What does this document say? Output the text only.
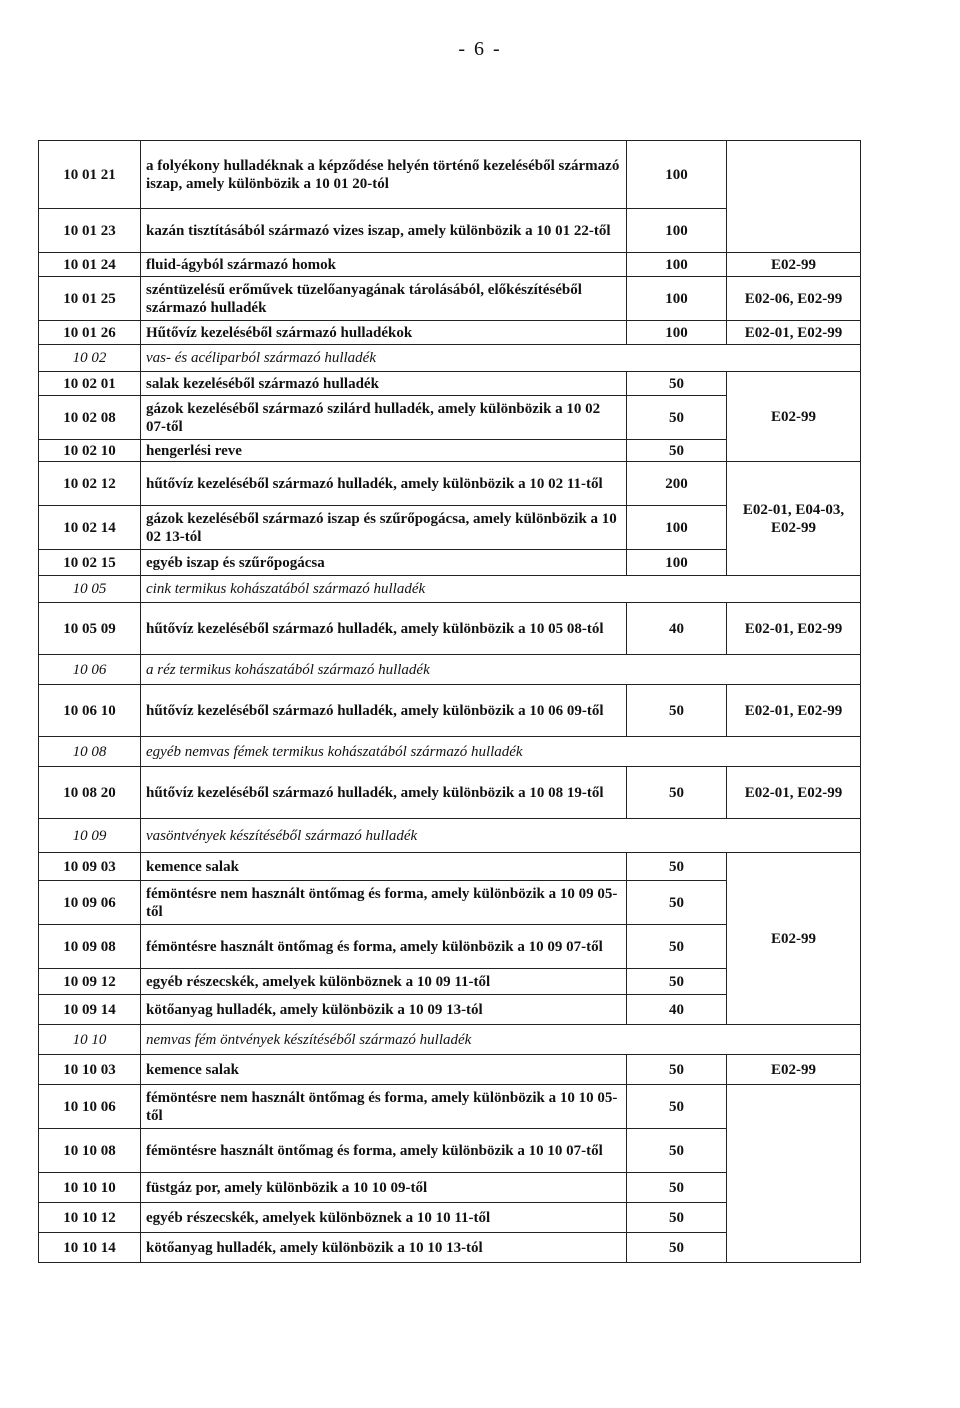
- 6 -
10 01 21	a folyékony hulladéknak a képződése helyén történő kezeléséből származó iszap, amely különbözik a 10 01 20-tól	100	
10 01 23	kazán tisztításából származó vizes iszap, amely különbözik a 10 01 22-től	100	
10 01 24	fluid-ágyból származó homok	100	E02-99
10 01 25	széntüzelésű erőművek tüzelőanyagának tárolásából, előkészítéséből származó hulladék	100	E02-06, E02-99
10 01 26	Hűtővíz kezeléséből származó hulladékok	100	E02-01, E02-99
10 02	vas- és acéliparból származó hulladék		
10 02 01	salak kezeléséből származó hulladék	50	E02-99
10 02 08	gázok kezeléséből származó szilárd hulladék, amely különbözik a 10 02 07-től	50	
10 02 10	hengerlési reve	50	
10 02 12	hűtővíz kezeléséből származó hulladék, amely különbözik a 10 02 11-től	200	E02-01, E04-03, E02-99
10 02 14	gázok kezeléséből származó iszap és szűrőpogácsa, amely különbözik a 10 02 13-tól	100	
10 02 15	egyéb iszap és szűrőpogácsa	100	
10 05	cink termikus kohászatából származó hulladék		
10 05 09	hűtővíz kezeléséből származó hulladék, amely különbözik a 10 05 08-tól	40	E02-01, E02-99
10 06	a réz termikus kohászatából származó hulladék		
10 06 10	hűtővíz kezeléséből származó hulladék, amely különbözik a 10 06 09-től	50	E02-01, E02-99
10 08	egyéb nemvas fémek termikus kohászatából származó hulladék		
10 08 20	hűtővíz kezeléséből származó hulladék, amely különbözik a 10 08 19-től	50	E02-01, E02-99
10 09	vasöntvények készítéséből származó hulladék		
10 09 03	kemence salak	50	E02-99
10 09 06	fémöntésre nem használt öntőmag és forma, amely különbözik a 10 09 05-től	50	
10 09 08	fémöntésre használt öntőmag és forma, amely különbözik a 10 09 07-től	50	
10 09 12	egyéb részecskék, amelyek különböznek a 10 09 11-től	50	
10 09 14	kötőanyag hulladék, amely különbözik a 10 09 13-tól	40	
10 10	nemvas fém öntvények készítéséből származó hulladék		
10 10 03	kemence salak	50	E02-99
10 10 06	fémöntésre nem használt öntőmag és forma, amely különbözik a 10 10 05-től	50	
10 10 08	fémöntésre használt öntőmag és forma, amely különbözik a 10 10 07-től	50	
10 10 10	füstgáz por, amely különbözik a 10 10 09-től	50	
10 10 12	egyéb részecskék, amelyek különböznek a 10 10 11-től	50	
10 10 14	kötőanyag hulladék, amely különbözik a 10 10 13-tól	50	
